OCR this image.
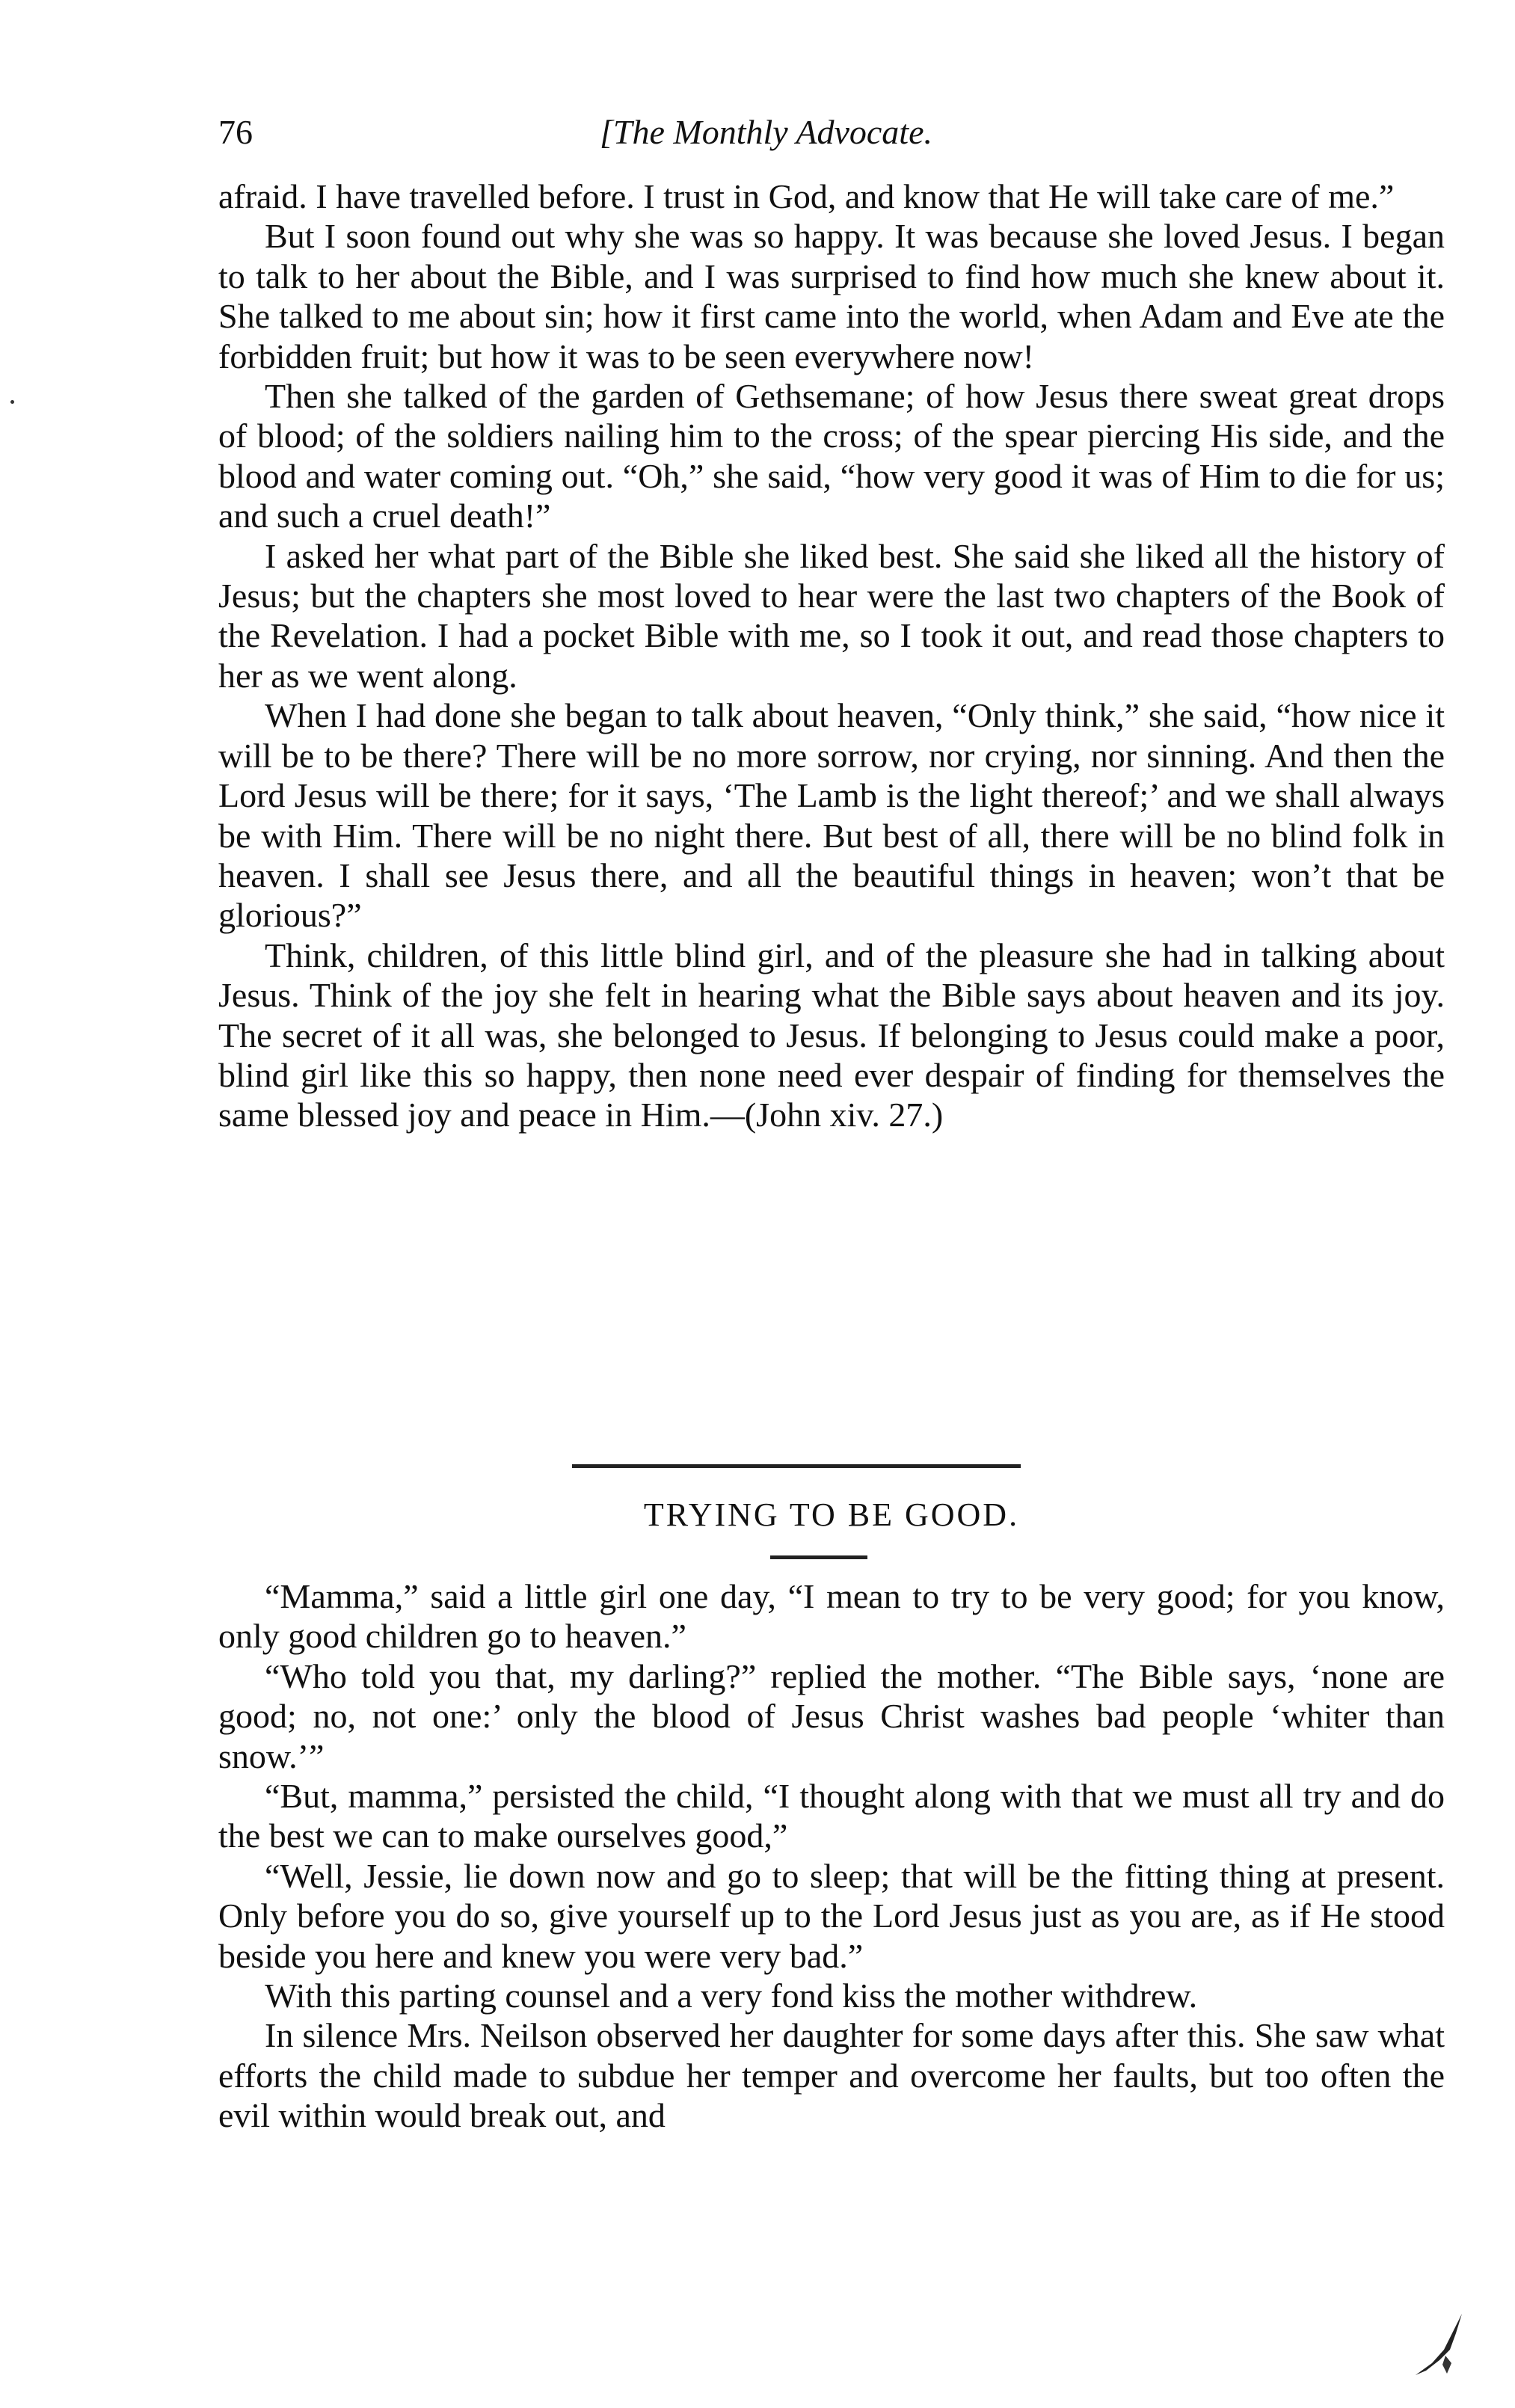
76	[The Monthly Advocate.

afraid. I have travelled before. I trust in God, and know that He will take care of me.”

But I soon found out why she was so happy. It was because she loved Jesus. I began to talk to her about the Bible, and I was surprised to find how much she knew about it. She talked to me about sin; how it first came into the world, when Adam and Eve ate the forbidden fruit; but how it was to be seen everywhere now!

Then she talked of the garden of Gethsemane; of how Jesus there sweat great drops of blood; of the soldiers nailing him to the cross; of the spear piercing His side, and the blood and water coming out. “Oh,” she said, “how very good it was of Him to die for us; and such a cruel death!”

I asked her what part of the Bible she liked best. She said she liked all the history of Jesus; but the chapters she most loved to hear were the last two chapters of the Book of the Revelation. I had a pocket Bible with me, so I took it out, and read those chapters to her as we went along.

When I had done she began to talk about heaven, “Only think,” she said, “how nice it will be to be there? There will be no more sorrow, nor crying, nor sinning. And then the Lord Jesus will be there; for it says, ‘The Lamb is the light thereof;’ and we shall always be with Him. There will be no night there. But best of all, there will be no blind folk in heaven. I shall see Jesus there, and all the beautiful things in heaven; won’t that be glorious?”

Think, children, of this little blind girl, and of the pleasure she had in talking about Jesus. Think of the joy she felt in hearing what the Bible says about heaven and its joy. The secret of it all was, she belonged to Jesus. If belonging to Jesus could make a poor, blind girl like this so happy, then none need ever despair of finding for themselves the same blessed joy and peace in Him.—(John xiv. 27.)

TRYING TO BE GOOD.

“Mamma,” said a little girl one day, “I mean to try to be very good; for you know, only good children go to heaven.”

“Who told you that, my darling?” replied the mother. “The Bible says, ‘none are good; no, not one:’ only the blood of Jesus Christ washes bad people ‘whiter than snow.’”

“But, mamma,” persisted the child, “I thought along with that we must all try and do the best we can to make ourselves good,”

“Well, Jessie, lie down now and go to sleep; that will be the fitting thing at present. Only before you do so, give yourself up to the Lord Jesus just as you are, as if He stood beside you here and knew you were very bad.”

With this parting counsel and a very fond kiss the mother withdrew.

In silence Mrs. Neilson observed her daughter for some days after this. She saw what efforts the child made to subdue her temper and overcome her faults, but too often the evil within would break out, and
